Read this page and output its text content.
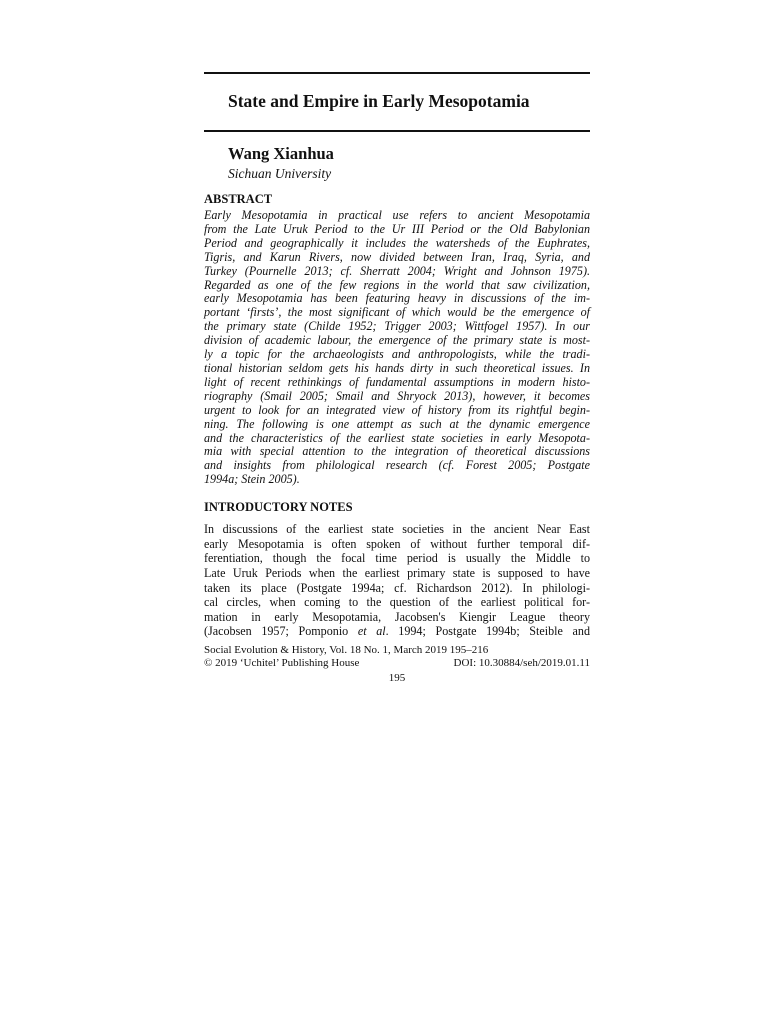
State and Empire in Early Mesopotamia
Wang Xianhua
Sichuan University
ABSTRACT
Early Mesopotamia in practical use refers to ancient Mesopotamia
from the Late Uruk Period to the Ur III Period or the Old Babylonian
Period and geographically it includes the watersheds of the Euphrates,
Tigris, and Karun Rivers, now divided between Iran, Iraq, Syria, and
Turkey (Pournelle 2013; cf. Sherratt 2004; Wright and Johnson 1975).
Regarded as one of the few regions in the world that saw civilization,
early Mesopotamia has been featuring heavy in discussions of the im-
portant ‘firsts’, the most significant of which would be the emergence of
the primary state (Childe 1952; Trigger 2003; Wittfogel 1957). In our
division of academic labour, the emergence of the primary state is most-
ly a topic for the archaeologists and anthropologists, while the tradi-
tional historian seldom gets his hands dirty in such theoretical issues. In
light of recent rethinkings of fundamental assumptions in modern histo-
riography (Smail 2005; Smail and Shryock 2013), however, it becomes
urgent to look for an integrated view of history from its rightful begin-
ning. The following is one attempt as such at the dynamic emergence
and the characteristics of the earliest state societies in early Mesopota-
mia with special attention to the integration of theoretical discussions
and insights from philological research (cf. Forest 2005; Postgate
1994a; Stein 2005).
INTRODUCTORY NOTES
In discussions of the earliest state societies in the ancient Near East
early Mesopotamia is often spoken of without further temporal dif-
ferentiation, though the focal time period is usually the Middle to
Late Uruk Periods when the earliest primary state is supposed to have
taken its place (Postgate 1994a; cf. Richardson 2012). In philologi-
cal circles, when coming to the question of the earliest political for-
mation in early Mesopotamia, Jacobsen's Kiengir League theory
(Jacobsen 1957; Pomponio et al. 1994; Postgate 1994b; Steible and
Social Evolution & History, Vol. 18 No. 1, March 2019 195–216
© 2019 ‘Uchitel’ Publishing House	DOI: 10.30884/seh/2019.01.11
195
